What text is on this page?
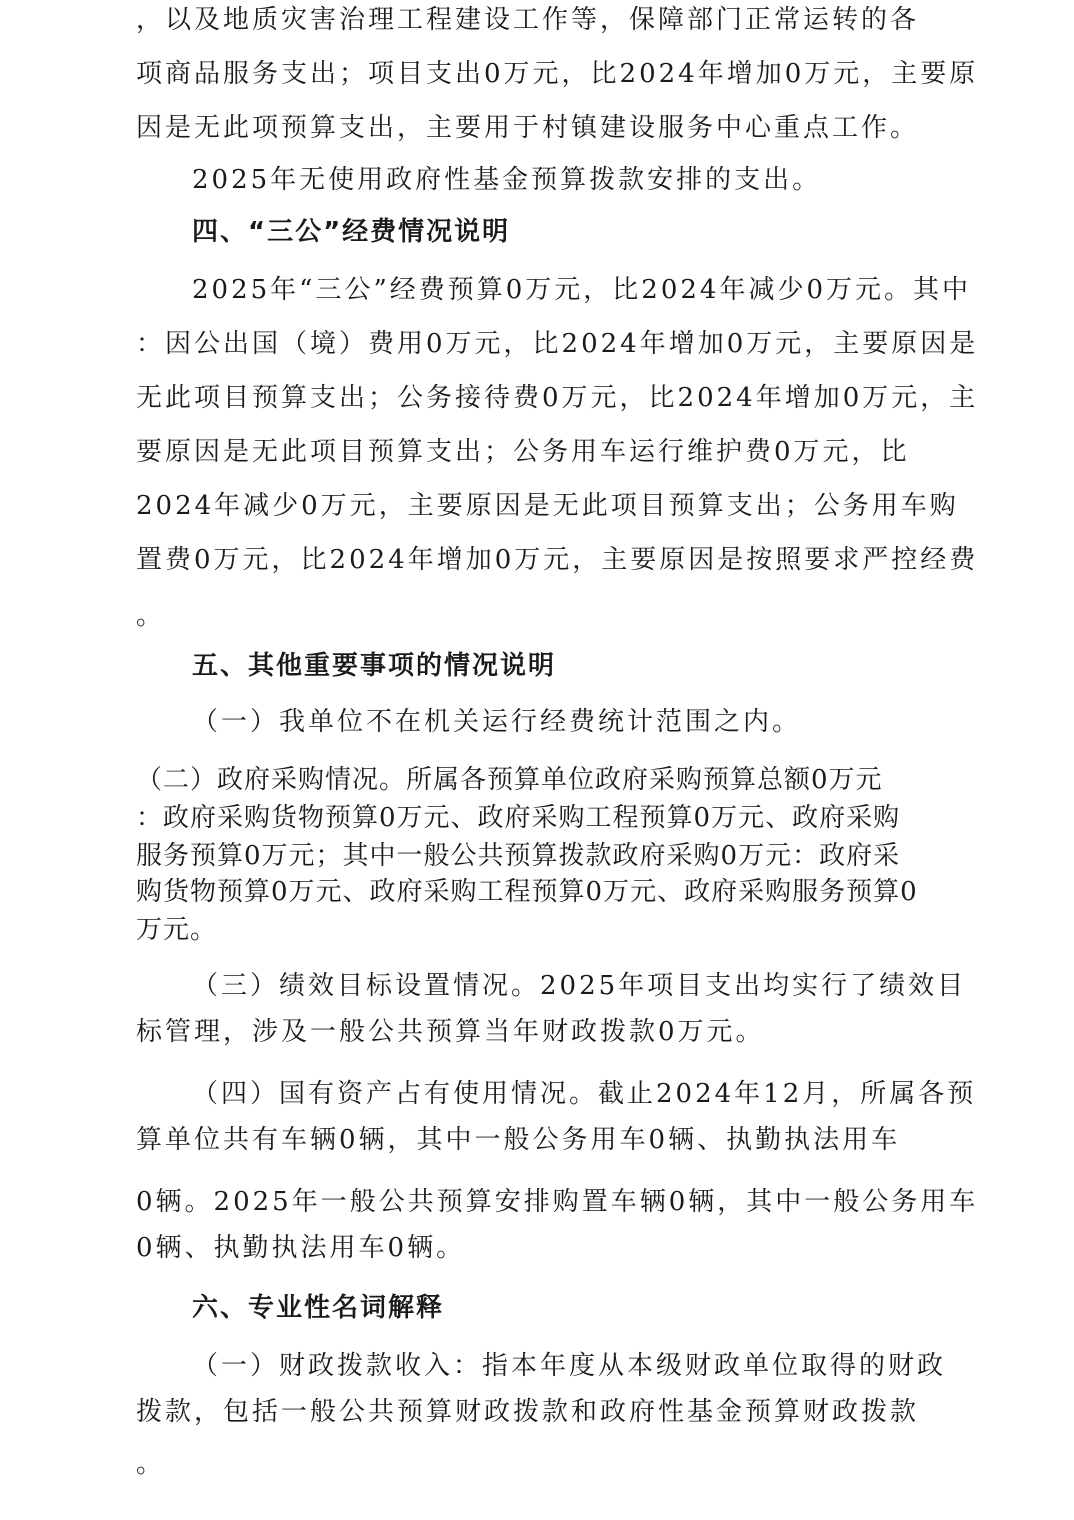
，以及地质灾害治理工程建设工作等，保障部门正常运转的各
项商品服务支出；项目支出0万元，比2024年增加0万元，主要原
因是无此项预算支出，主要用于村镇建设服务中心重点工作。
2025年无使用政府性基金预算拨款安排的支出。
四、“三公”经费情况说明
2025年“三公”经费预算0万元，比2024年减少0万元。其中
：因公出国（境）费用0万元，比2024年增加0万元，主要原因是
无此项目预算支出；公务接待费0万元，比2024年增加0万元，主
要原因是无此项目预算支出；公务用车运行维护费0万元，比
2024年减少0万元，主要原因是无此项目预算支出；公务用车购
置费0万元，比2024年增加0万元，主要原因是按照要求严控经费
。
五、其他重要事项的情况说明
（一）我单位不在机关运行经费统计范围之内。
（二）政府采购情况。所属各预算单位政府采购预算总额0万元
：政府采购货物预算0万元、政府采购工程预算0万元、政府采购
服务预算0万元；其中一般公共预算拨款政府采购0万元：政府采
购货物预算0万元、政府采购工程预算0万元、政府采购服务预算0
万元。
（三）绩效目标设置情况。2025年项目支出均实行了绩效目
标管理，涉及一般公共预算当年财政拨款0万元。
（四）国有资产占有使用情况。截止2024年12月，所属各预
算单位共有车辆0辆，其中一般公务用车0辆、执勤执法用车
0辆。2025年一般公共预算安排购置车辆0辆，其中一般公务用车
0辆、执勤执法用车0辆。
六、专业性名词解释
（一）财政拨款收入：指本年度从本级财政单位取得的财政
拨款，包括一般公共预算财政拨款和政府性基金预算财政拨款
。
